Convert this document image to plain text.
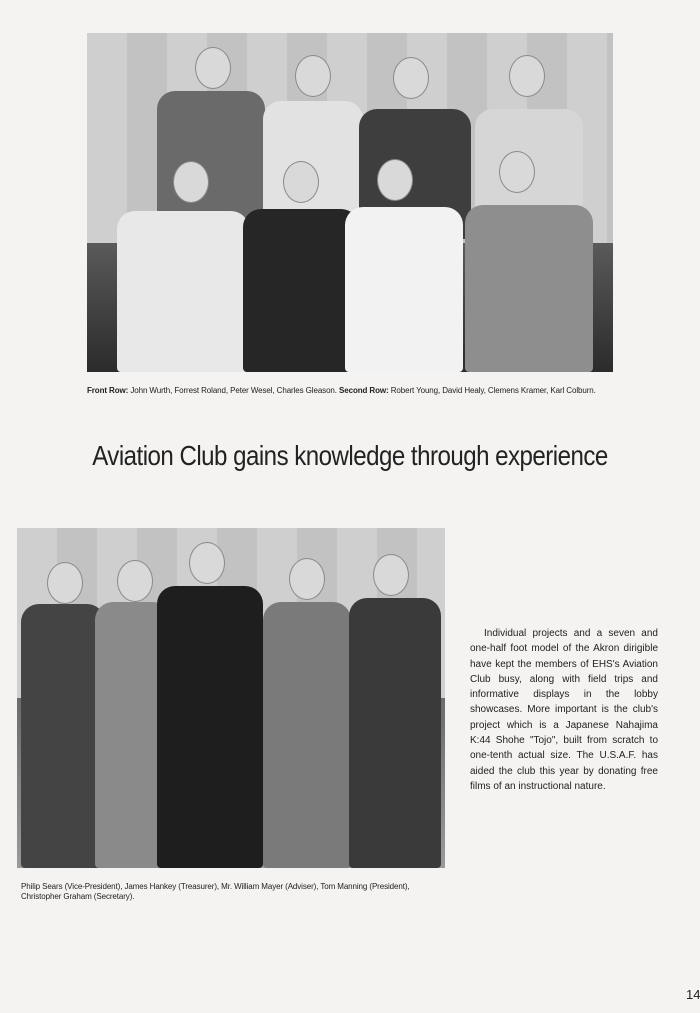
Front Row: John Wurth, Forrest Roland, Peter Wesel, Charles Gleason. Second Row: Robert Young, David Healy, Clemens Kramer, Karl Colburn.
Aviation Club gains knowledge through experience
Philip Sears (Vice-President), James Hankey (Treasurer), Mr. William Mayer (Adviser), Tom Manning (President), Christopher Graham (Secretary).
Individual projects and a seven and one-half foot model of the Akron dirigible have kept the members of EHS's Aviation Club busy, along with field trips and informative displays in the lobby showcases. More important is the club's project which is a Japanese Nahajima K:44 Shohe "Tojo", built from scratch to one-tenth actual size. The U.S.A.F. has aided the club this year by donating free films of an instructional nature.
14
